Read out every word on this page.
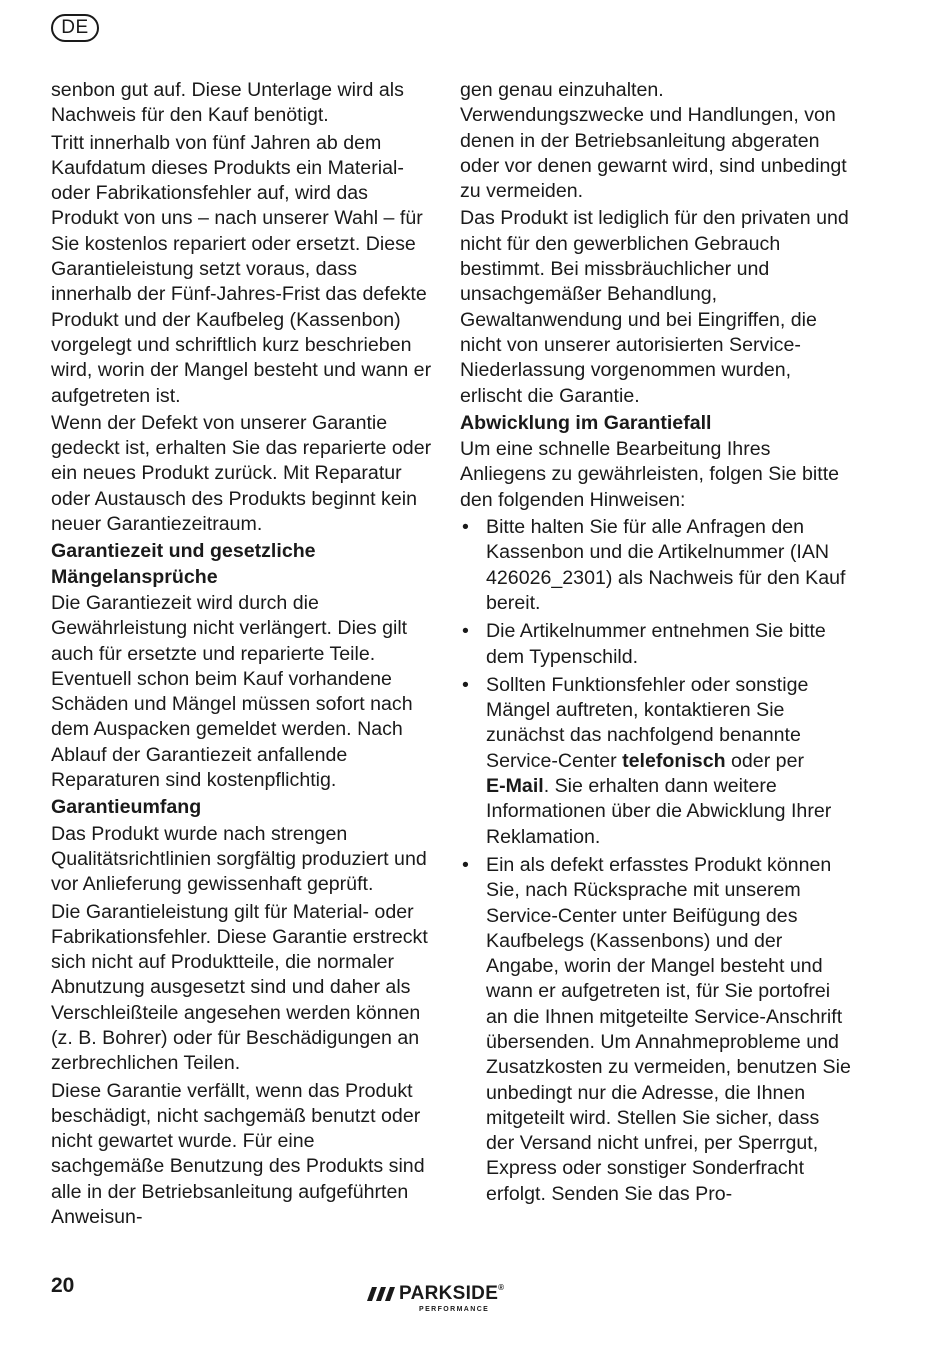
DE

senbon gut auf. Diese Unterlage wird als Nachweis für den Kauf benötigt.

Tritt innerhalb von fünf Jahren ab dem Kaufdatum dieses Produkts ein Material- oder Fabrikationsfehler auf, wird das Produkt von uns – nach unserer Wahl – für Sie kostenlos repariert oder ersetzt. Diese Garantieleistung setzt voraus, dass innerhalb der Fünf-Jahres-Frist das defekte Produkt und der Kaufbeleg (Kassenbon) vorgelegt und schriftlich kurz beschrieben wird, worin der Mangel besteht und wann er aufgetreten ist.

Wenn der Defekt von unserer Garantie gedeckt ist, erhalten Sie das reparierte oder ein neues Produkt zurück. Mit Reparatur oder Austausch des Produkts beginnt kein neuer Garantiezeitraum.

Garantiezeit und gesetzliche Mängelansprüche

Die Garantiezeit wird durch die Gewährleistung nicht verlängert. Dies gilt auch für ersetzte und reparierte Teile. Eventuell schon beim Kauf vorhandene Schäden und Mängel müssen sofort nach dem Auspacken gemeldet werden. Nach Ablauf der Garantiezeit anfallende Reparaturen sind kostenpflichtig.

Garantieumfang

Das Produkt wurde nach strengen Qualitätsrichtlinien sorgfältig produziert und vor Anlieferung gewissenhaft geprüft.

Die Garantieleistung gilt für Material- oder Fabrikationsfehler. Diese Garantie erstreckt sich nicht auf Produktteile, die normaler Abnutzung ausgesetzt sind und daher als Verschleißteile angesehen werden können (z. B. Bohrer) oder für Beschädigungen an zerbrechlichen Teilen.

Diese Garantie verfällt, wenn das Produkt beschädigt, nicht sachgemäß benutzt oder nicht gewartet wurde. Für eine sachgemäße Benutzung des Produkts sind alle in der Betriebsanleitung aufgeführten Anweisun-

gen genau einzuhalten. Verwendungszwecke und Handlungen, von denen in der Betriebsanleitung abgeraten oder vor denen gewarnt wird, sind unbedingt zu vermeiden.

Das Produkt ist lediglich für den privaten und nicht für den gewerblichen Gebrauch bestimmt. Bei missbräuchlicher und unsachgemäßer Behandlung, Gewaltanwendung und bei Eingriffen, die nicht von unserer autorisierten Service-Niederlassung vorgenommen wurden, erlischt die Garantie.

Abwicklung im Garantiefall

Um eine schnelle Bearbeitung Ihres Anliegens zu gewährleisten, folgen Sie bitte den folgenden Hinweisen:

• Bitte halten Sie für alle Anfragen den Kassenbon und die Artikelnummer (IAN 426026_2301) als Nachweis für den Kauf bereit.
• Die Artikelnummer entnehmen Sie bitte dem Typenschild.
• Sollten Funktionsfehler oder sonstige Mängel auftreten, kontaktieren Sie zunächst das nachfolgend benannte Service-Center telefonisch oder per
E-Mail. Sie erhalten dann weitere Informationen über die Abwicklung Ihrer Reklamation.
• Ein als defekt erfasstes Produkt können Sie, nach Rücksprache mit unserem Service-Center unter Beifügung des Kaufbelegs (Kassenbons) und der Angabe, worin der Mangel besteht und wann er aufgetreten ist, für Sie portofrei an die Ihnen mitgeteilte Service-Anschrift übersenden. Um Annahmeprobleme und Zusatzkosten zu vermeiden, benutzen Sie unbedingt nur die Adresse, die Ihnen mitgeteilt wird. Stellen Sie sicher, dass der Versand nicht unfrei, per Sperrgut, Express oder sonstiger Sonderfracht erfolgt. Senden Sie das Pro-
20	PARKSIDE®
PERFORMANCE
